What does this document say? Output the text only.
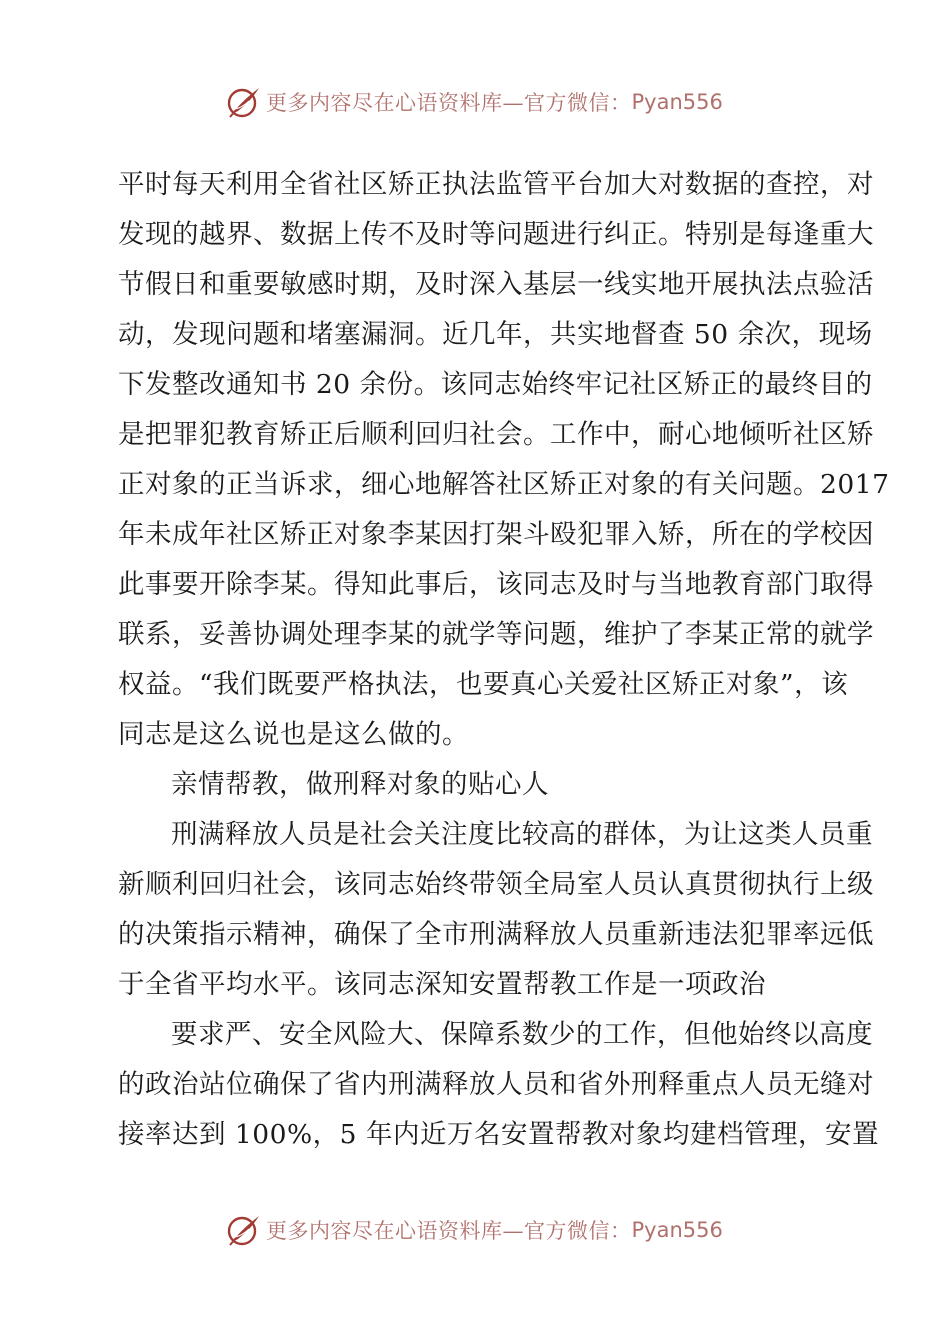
更多内容尽在心语资料库—官方微信： Pyan556
平时每天利用全省社区矫正执法监管平台加大对数据的查控，对
发现的越界、数据上传不及时等问题进行纠正。特别是每逢重大
节假日和重要敏感时期，及时深入基层一线实地开展执法点验活
动，发现问题和堵塞漏洞。近几年，共实地督查 50 余次，现场
下发整改通知书 20 余份。该同志始终牢记社区矫正的最终目的
是把罪犯教育矫正后顺利回归社会。工作中，耐心地倾听社区矫
正对象的正当诉求，细心地解答社区矫正对象的有关问题。2017
年未成年社区矫正对象李某因打架斗殴犯罪入矫，所在的学校因
此事要开除李某。得知此事后，该同志及时与当地教育部门取得
联系，妥善协调处理李某的就学等问题，维护了李某正常的就学
权益。“我们既要严格执法，也要真心关爱社区矫正对象”，该
同志是这么说也是这么做的。
亲情帮教，做刑释对象的贴心人
刑满释放人员是社会关注度比较高的群体，为让这类人员重
新顺利回归社会，该同志始终带领全局室人员认真贯彻执行上级
的决策指示精神，确保了全市刑满释放人员重新违法犯罪率远低
于全省平均水平。该同志深知安置帮教工作是一项政治
要求严、安全风险大、保障系数少的工作，但他始终以高度
的政治站位确保了省内刑满释放人员和省外刑释重点人员无缝对
接率达到 100%，5 年内近万名安置帮教对象均建档管理，安置
更多内容尽在心语资料库—官方微信： Pyan556
